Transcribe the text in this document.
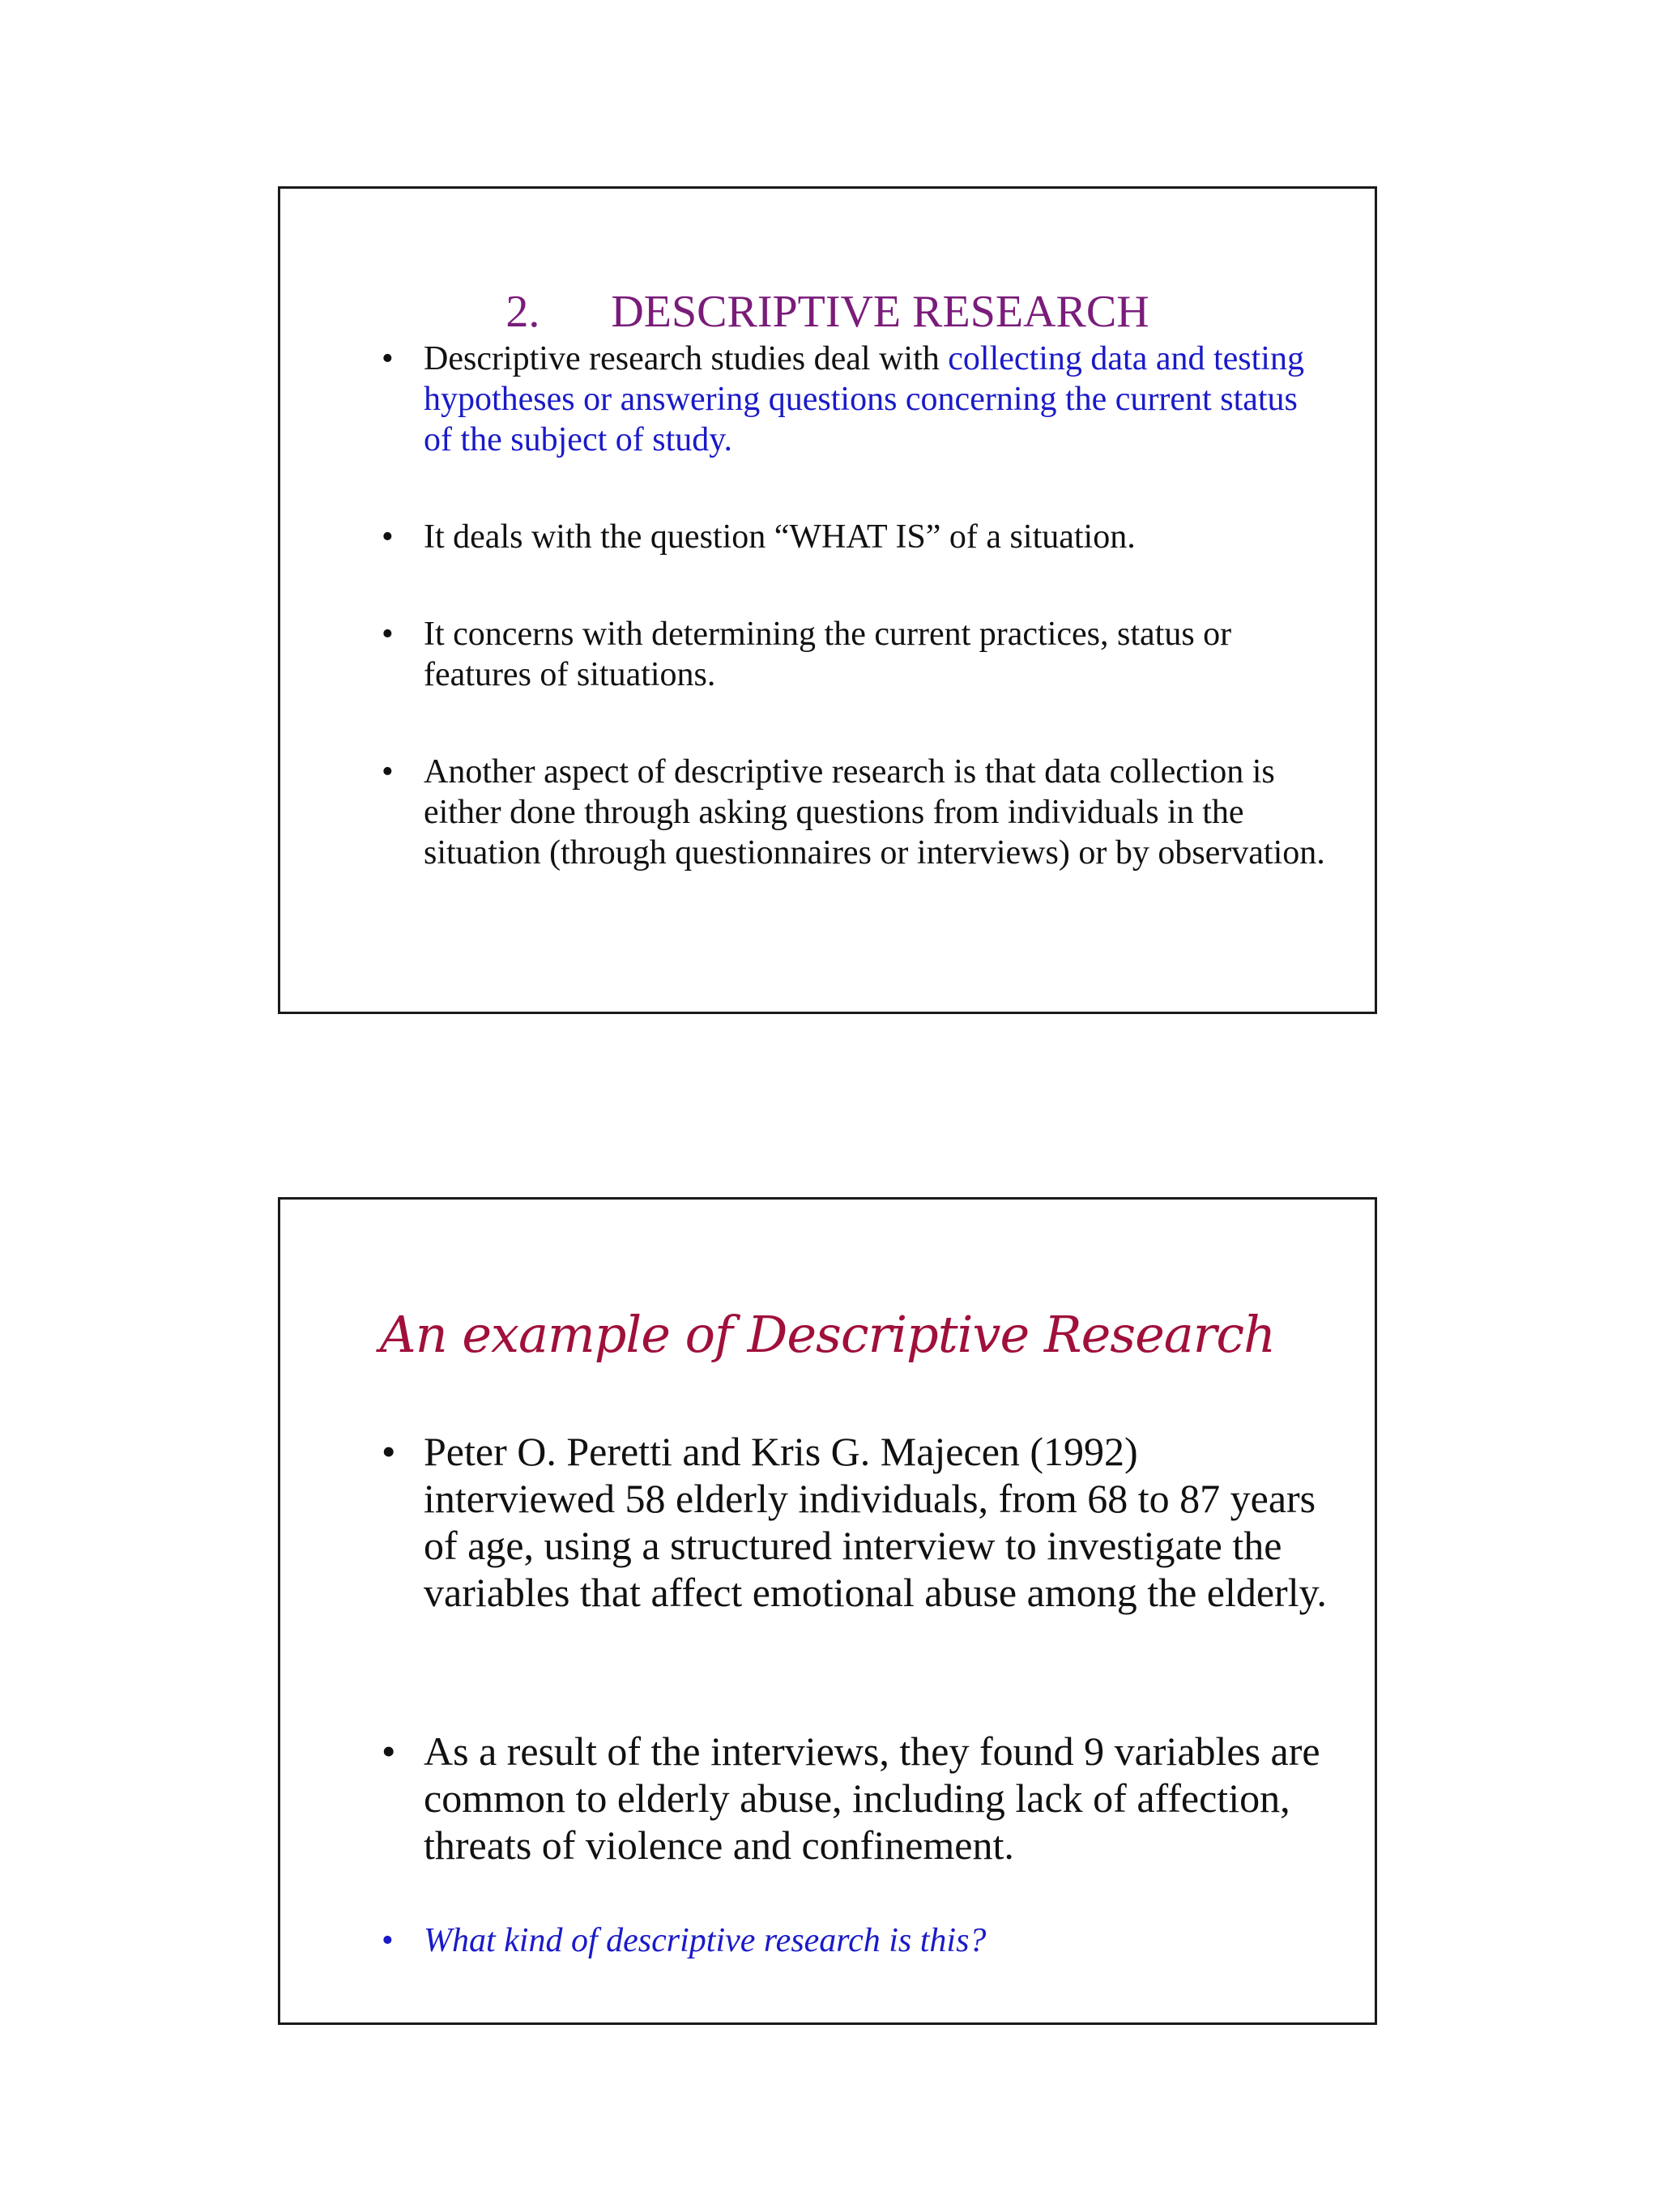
2. DESCRIPTIVE RESEARCH
• Descriptive research studies deal with collecting data and testing hypotheses or answering questions concerning the current status of the subject of study.
• It deals with the question “WHAT IS” of a situation.
• It concerns with determining the current practices, status or features of situations.
• Another aspect of descriptive research is that data collection is either done through asking questions from individuals in the situation (through questionnaires or interviews) or by observation.
An example of Descriptive Research
• Peter O. Peretti and Kris G. Majecen (1992) interviewed 58 elderly individuals, from 68 to 87 years of age, using a structured interview to investigate the variables that affect emotional abuse among the elderly.
• As a result of the interviews, they found 9 variables are common to elderly abuse, including lack of affection, threats of violence and confinement.
• What kind of descriptive research is this?
